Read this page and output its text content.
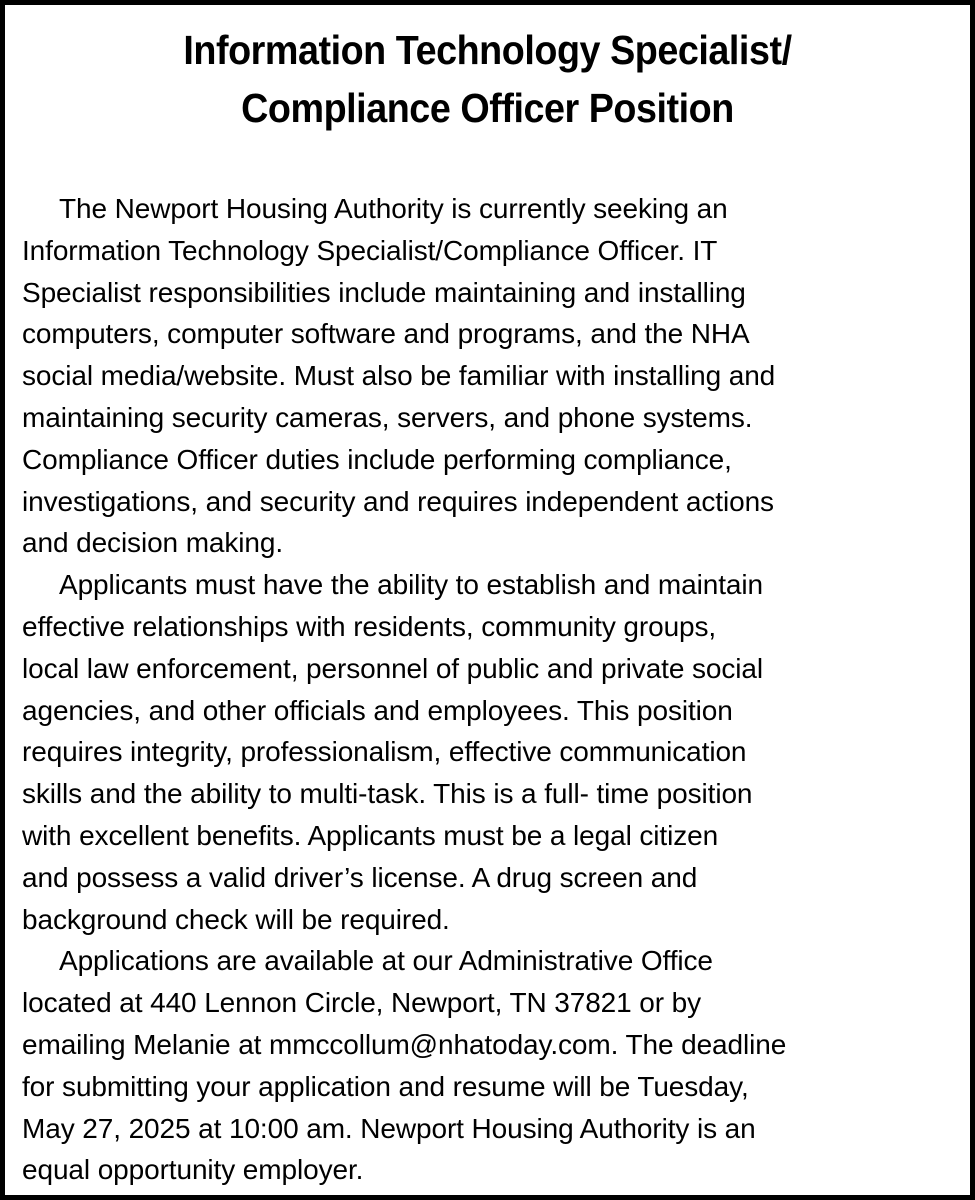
Information Technology Specialist/
Compliance Officer Position
The Newport Housing Authority is currently seeking an
Information Technology Specialist/Compliance Officer. IT
Specialist responsibilities include maintaining and installing
computers, computer software and programs, and the NHA
social media/website. Must also be familiar with installing and
maintaining security cameras, servers, and phone systems.
Compliance Officer duties include performing compliance,
investigations, and security and requires independent actions
and decision making.
Applicants must have the ability to establish and maintain
effective relationships with residents, community groups,
local law enforcement, personnel of public and private social
agencies, and other officials and employees. This position
requires integrity, professionalism, effective communication
skills and the ability to multi-task. This is a full- time position
with excellent benefits. Applicants must be a legal citizen
and possess a valid driver’s license. A drug screen and
background check will be required.
Applications are available at our Administrative Office
located at 440 Lennon Circle, Newport, TN 37821 or by
emailing Melanie at mmccollum@nhatoday.com. The deadline
for submitting your application and resume will be Tuesday,
May 27, 2025 at 10:00 am. Newport Housing Authority is an
equal opportunity employer.
